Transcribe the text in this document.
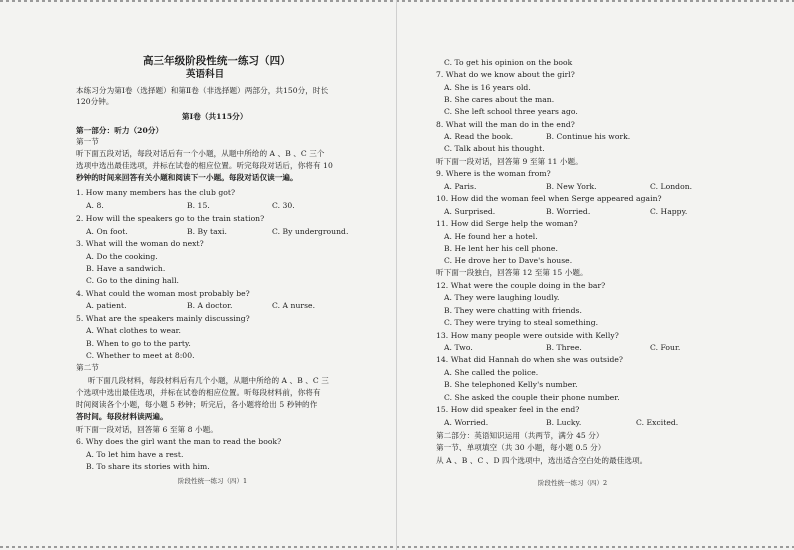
高三年级阶段性统一练习（四）
英语科目
本练习分为第Ⅰ卷（选择题）和第Ⅱ卷（非选择题）两部分，共150分，时长
120分钟。
第Ⅰ卷（共115分）
第一部分：听力（20分）
第一节
听下面五段对话，每段对话后有一个小题，从题中所给的 A 、B 、C 三个
选项中选出最佳选项，并标在试卷的相应位置。听完每段对话后，你将有 10
秒钟的时间来回答有关小题和阅读下一小题。每段对话仅读一遍。
1. How many members has the club got?
A. 8.	B. 15.	C. 30.
2. How will the speakers go to the train station?
A. On foot.	B. By taxi.	C. By underground.
3. What will the woman do next?
A. Do the cooking.
B. Have a sandwich.
C. Go to the dining hall.
4. What could the woman most probably be?
A. patient.	B. A doctor.	C. A nurse.
5. What are the speakers mainly discussing?
A. What clothes to wear.
B. When to go to the party.
C. Whether to meet at 8:00.
第二节
听下面几段材料，每段材料后有几个小题，从题中所给的 A 、B 、C 三
个选项中选出最佳选项，并标在试卷的相应位置。听每段材料前，你将有
时间阅读各个小题，每小题 5 秒钟；听完后，各小题将给出 5 秒钟的作
答时间。每段材料读两遍。
听下面一段对话，回答第 6 至第 8 小题。
6. Why does the girl want the man to read the book?
A. To let him have a rest.
B. To share its stories with him.
阶段性统一练习（四）1
C. To get his opinion on the book
7. What do we know about the girl?
A. She is 16 years old.
B. She cares about the man.
C. She left school three years ago.
8. What will the man do in the end?
A. Read the book.	B. Continue his work.
C. Talk about his thought.
听下面一段对话，回答第 9 至第 11 小题。
9. Where is the woman from?
A. Paris.	B. New York.	C. London.
10. How did the woman feel when Serge appeared again?
A. Surprised.	B. Worried.	C. Happy.
11. How did Serge help the woman?
A. He found her a hotel.
B. He lent her his cell phone.
C. He drove her to Dave's house.
听下面一段独白，回答第 12 至第 15 小题。
12. What were the couple doing in the bar?
A. They were laughing loudly.
B. They were chatting with friends.
C. They were trying to steal something.
13. How many people were outside with Kelly?
A. Two.	B. Three.	C. Four.
14. What did Hannah do when she was outside?
A. She called the police.
B. She telephoned Kelly's number.
C. She asked the couple their phone number.
15. How did speaker feel in the end?
A. Worried.	B. Lucky.	C. Excited.
第二部分：英语知识运用（共两节，满分 45 分）
第一节、单项填空（共 30 小题，每小题 0.5 分）
从 A 、B 、C 、D 四个选项中，选出适合空白处的最佳选项。
阶段性统一练习（四）2
